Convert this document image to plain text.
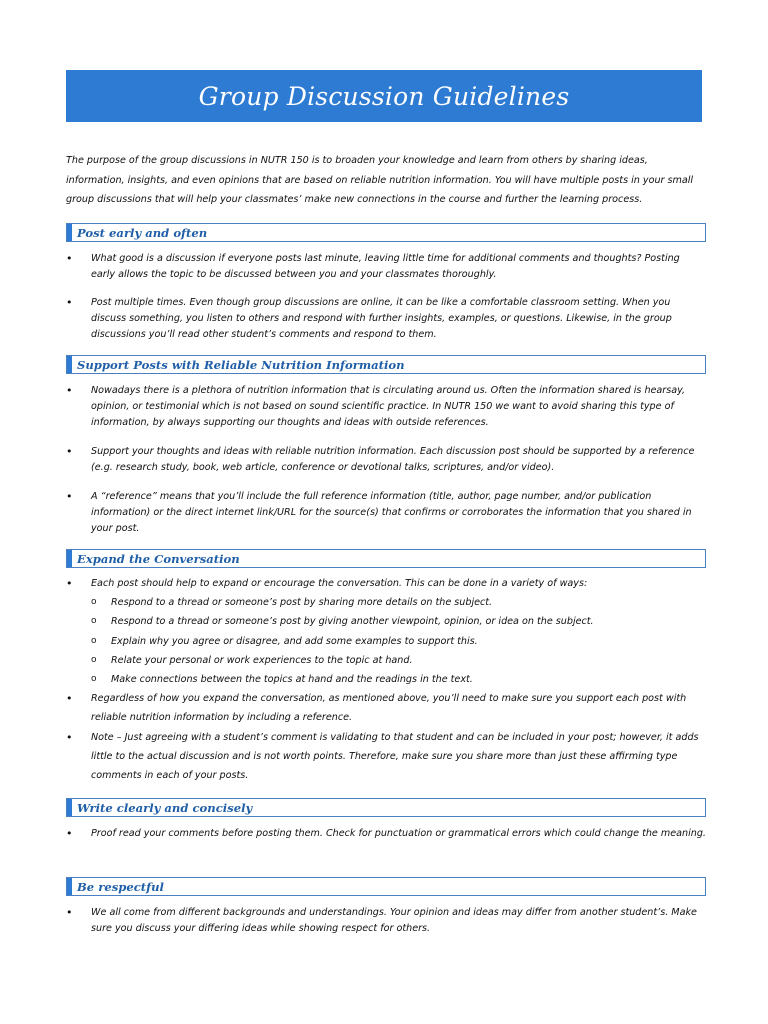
Group Discussion Guidelines

The purpose of the group discussions in NUTR 150 is to broaden your knowledge and learn from others by sharing ideas, information, insights, and even opinions that are based on reliable nutrition information. You will have multiple posts in your small group discussions that will help your classmates’ make new connections in the course and further the learning process.

Post early and often
• What good is a discussion if everyone posts last minute, leaving little time for additional comments and thoughts? Posting early allows the topic to be discussed between you and your classmates thoroughly.
• Post multiple times. Even though group discussions are online, it can be like a comfortable classroom setting. When you discuss something, you listen to others and respond with further insights, examples, or questions. Likewise, in the group discussions you’ll read other student’s comments and respond to them.
Support Posts with Reliable Nutrition Information
• Nowadays there is a plethora of nutrition information that is circulating around us. Often the information shared is hearsay, opinion, or testimonial which is not based on sound scientific practice. In NUTR 150 we want to avoid sharing this type of information, by always supporting our thoughts and ideas with outside references.
• Support your thoughts and ideas with reliable nutrition information. Each discussion post should be supported by a reference (e.g. research study, book, web article, conference or devotional talks, scriptures, and/or video).
• A “reference” means that you’ll include the full reference information (title, author, page number, and/or publication information) or the direct internet link/URL for the source(s) that confirms or corroborates the information that you shared in your post.
Expand the Conversation
• Each post should help to expand or encourage the conversation. This can be done in a variety of ways:
o Respond to a thread or someone’s post by sharing more details on the subject.
o Respond to a thread or someone’s post by giving another viewpoint, opinion, or idea on the subject.
o Explain why you agree or disagree, and add some examples to support this.
o Relate your personal or work experiences to the topic at hand.
o Make connections between the topics at hand and the readings in the text.
• Regardless of how you expand the conversation, as mentioned above, you’ll need to make sure you support each post with reliable nutrition information by including a reference.
• Note – Just agreeing with a student’s comment is validating to that student and can be included in your post; however, it adds little to the actual discussion and is not worth points. Therefore, make sure you share more than just these affirming type comments in each of your posts.
Write clearly and concisely
• Proof read your comments before posting them. Check for punctuation or grammatical errors which could change the meaning.
Be respectful
• We all come from different backgrounds and understandings. Your opinion and ideas may differ from another student’s. Make sure you discuss your differing ideas while showing respect for others.
